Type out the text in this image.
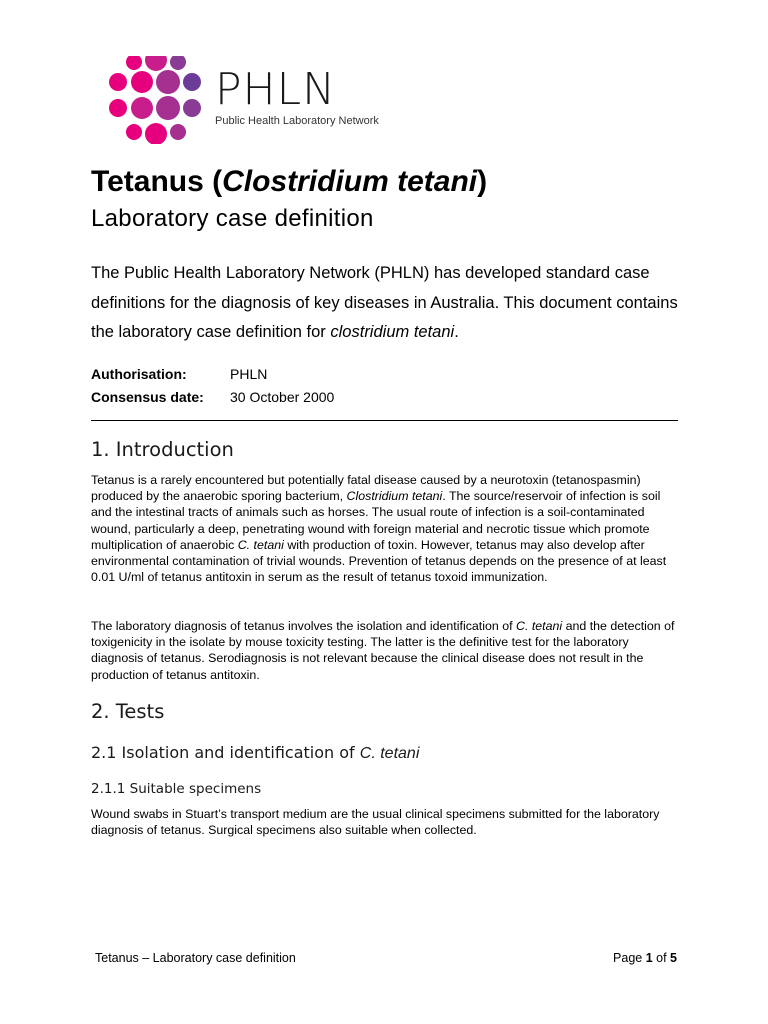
PHLN

Public Health Laboratory Network

Tetanus (Clostridium tetani)
Laboratory case definition

The Public Health Laboratory Network (PHLN) has developed standard case definitions for the diagnosis of key diseases in Australia. This document contains the laboratory case definition for clostridium tetani.

Authorisation:	PHLN
Consensus date:	30 October 2000
1. Introduction

Tetanus is a rarely encountered but potentially fatal disease caused by a neurotoxin (tetanospasmin) produced by the anaerobic sporing bacterium, Clostridium tetani. The source/reservoir of infection is soil and the intestinal tracts of animals such as horses. The usual route of infection is a soil-contaminated wound, particularly a deep, penetrating wound with foreign material and necrotic tissue which promote multiplication of anaerobic C. tetani with production of toxin. However, tetanus may also develop after environmental contamination of trivial wounds. Prevention of tetanus depends on the presence of at least 0.01 U/ml of tetanus antitoxin in serum as the result of tetanus toxoid immunization.

The laboratory diagnosis of tetanus involves the isolation and identification of C. tetani and the detection of toxigenicity in the isolate by mouse toxicity testing. The latter is the definitive test for the laboratory diagnosis of tetanus. Serodiagnosis is not relevant because the clinical disease does not result in the production of tetanus antitoxin.

2. Tests
2.1 Isolation and identification of C. tetani
2.1.1 Suitable specimens

Wound swabs in Stuart’s transport medium are the usual clinical specimens submitted for the laboratory diagnosis of tetanus. Surgical specimens also suitable when collected.

Tetanus – Laboratory case definition	Page 1 of 5
